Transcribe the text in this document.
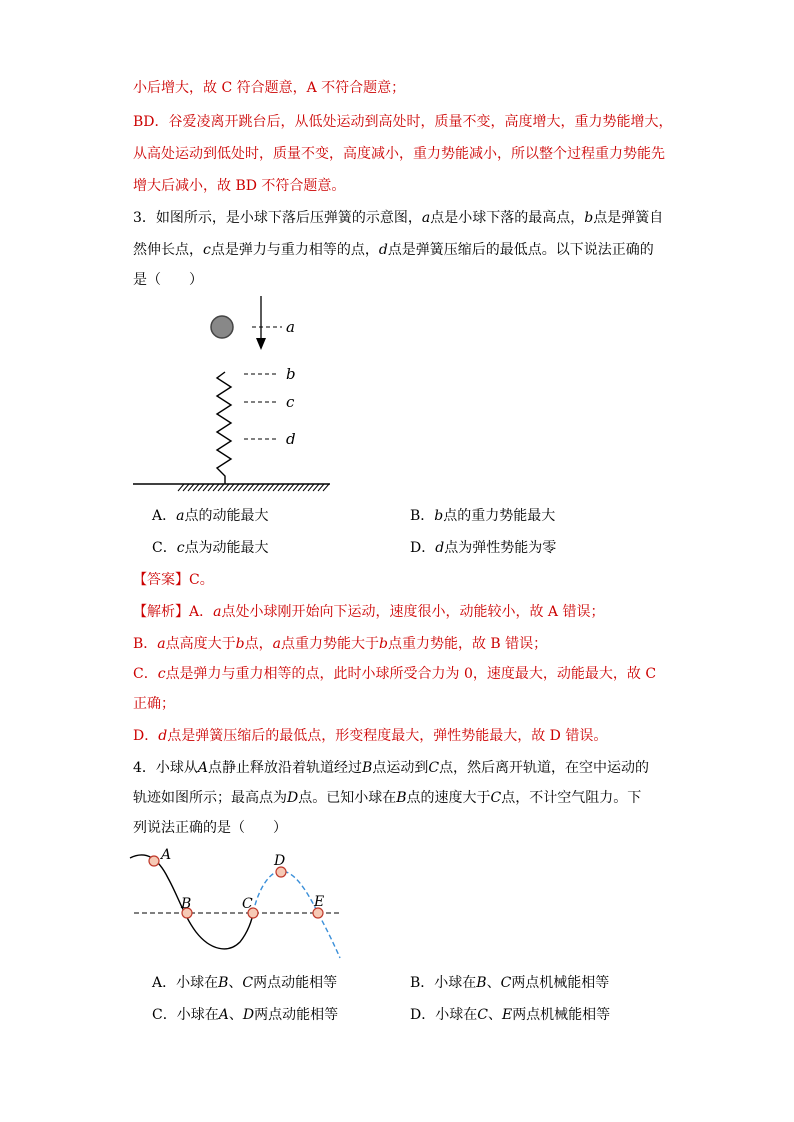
小后增大，故 C 符合题意，A 不符合题意；
BD．谷爱凌离开跳台后，从低处运动到高处时，质量不变，高度增大，重力势能增大，
从高处运动到低处时，质量不变，高度减小，重力势能减小，所以整个过程重力势能先
增大后减小，故 BD 不符合题意。
3．如图所示，是小球下落后压弹簧的示意图，a点是小球下落的最高点，b点是弹簧自
然伸长点，c点是弹力与重力相等的点，d点是弹簧压缩后的最低点。以下说法正确的
是（　　）
a
b
c
d
A．a点的动能最大	B．b点的重力势能最大
C．c点为动能最大	D．d点为弹性势能为零
【答案】C。
【解析】A．a点处小球刚开始向下运动，速度很小，动能较小，故 A 错误；
B．a点高度大于b点，a点重力势能大于b点重力势能，故 B 错误；
C．c点是弹力与重力相等的点，此时小球所受合力为 0，速度最大，动能最大，故 C
正确；
D．d点是弹簧压缩后的最低点，形变程度最大，弹性势能最大，故 D 错误。
4．小球从A点静止释放沿着轨道经过B点运动到C点，然后离开轨道，在空中运动的
轨迹如图所示；最高点为D点。已知小球在B点的速度大于C点，不计空气阻力。下
列说法正确的是（　　）
A
B	C
D
E
A．小球在B、C两点动能相等	B．小球在B、C两点机械能相等
C．小球在A、D两点动能相等	D．小球在C、E两点机械能相等
